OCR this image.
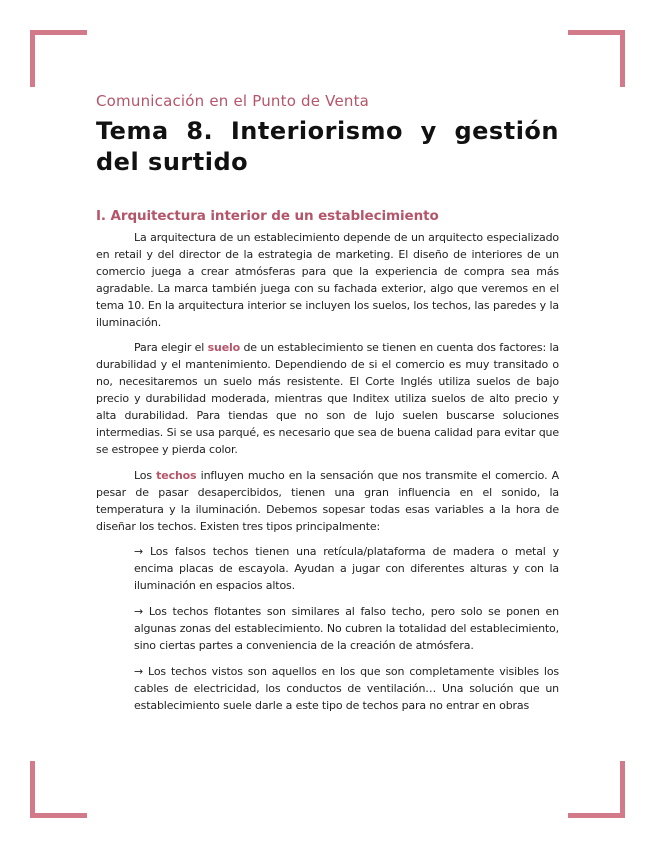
Comunicación en el Punto de Venta
Tema 8. Interiorismo y gestión del surtido
I. Arquitectura interior de un establecimiento

La arquitectura de un establecimiento depende de un arquitecto especializado en retail y del director de la estrategia de marketing. El diseño de interiores de un comercio juega a crear atmósferas para que la experiencia de compra sea más agradable. La marca también juega con su fachada exterior, algo que veremos en el tema 10. En la arquitectura interior se incluyen los suelos, los techos, las paredes y la iluminación.

Para elegir el suelo de un establecimiento se tienen en cuenta dos factores: la durabilidad y el mantenimiento. Dependiendo de si el comercio es muy transitado o no, necesitaremos un suelo más resistente. El Corte Inglés utiliza suelos de bajo precio y durabilidad moderada, mientras que Inditex utiliza suelos de alto precio y alta durabilidad. Para tiendas que no son de lujo suelen buscarse soluciones intermedias. Si se usa parqué, es necesario que sea de buena calidad para evitar que se estropee y pierda color.

Los techos influyen mucho en la sensación que nos transmite el comercio. A pesar de pasar desapercibidos, tienen una gran influencia en el sonido, la temperatura y la iluminación. Debemos sopesar todas esas variables a la hora de diseñar los techos. Existen tres tipos principalmente:

→ Los falsos techos tienen una retícula/plataforma de madera o metal y encima placas de escayola. Ayudan a jugar con diferentes alturas y con la iluminación en espacios altos.

→ Los techos flotantes son similares al falso techo, pero solo se ponen en algunas zonas del establecimiento. No cubren la totalidad del establecimiento, sino ciertas partes a conveniencia de la creación de atmósfera.

→ Los techos vistos son aquellos en los que son completamente visibles los cables de electricidad, los conductos de ventilación… Una solución que un establecimiento suele darle a este tipo de techos para no entrar en obras
